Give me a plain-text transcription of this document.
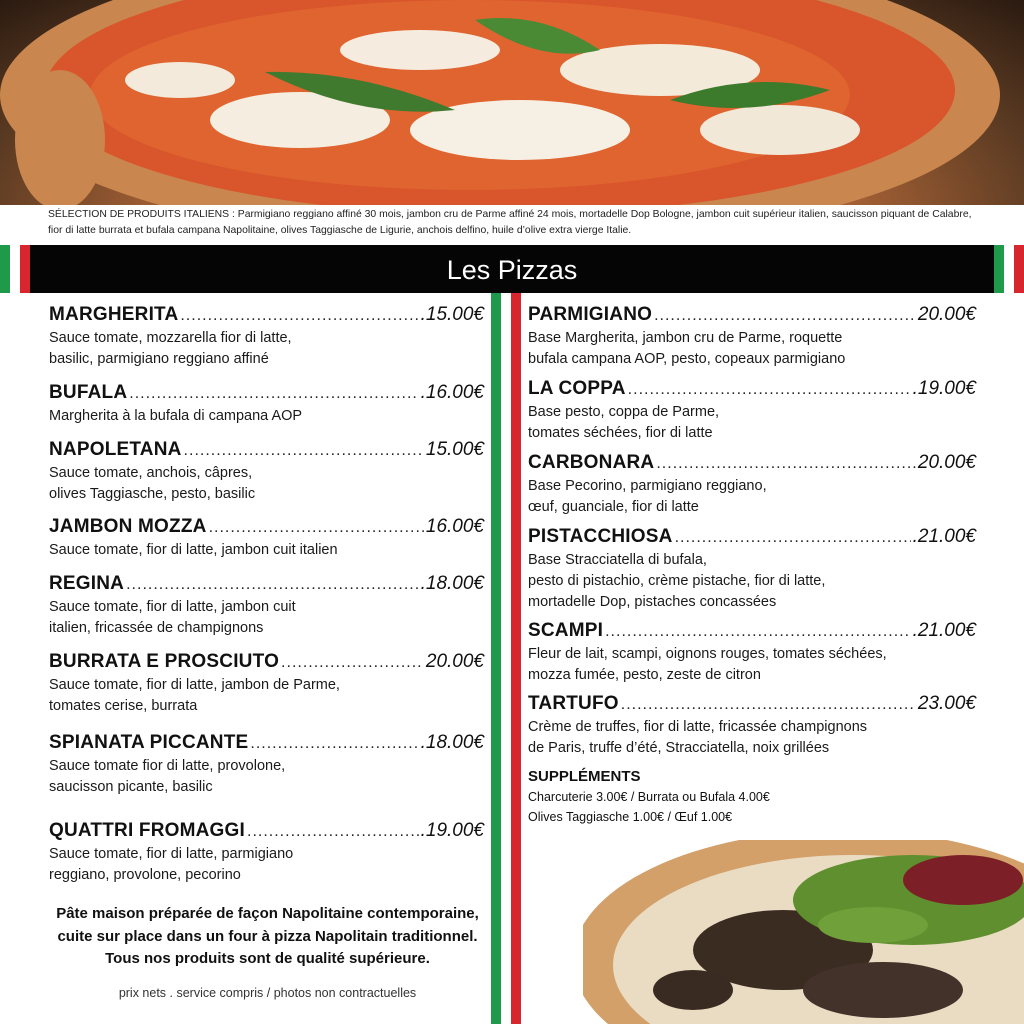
SÉLECTION DE PRODUITS ITALIENS : Parmigiano reggiano affiné 30 mois, jambon cru de Parme affiné 24 mois, mortadelle Dop Bologne, jambon cuit supérieur italien, saucisson piquant de Calabre, fior di latte burrata et bufala campana Napolitaine, olives Taggiasche de Ligurie, anchois delfino, huile d’olive extra vierge Italie.
Les Pizzas
MARGHERITA .....	.15.00€
Sauce tomate, mozzarella fior di latte,
basilic, parmigiano reggiano affiné
BUFALA .....	.16.00€
Margherita à la bufala di campana AOP
NAPOLETANA .....	15.00€
Sauce tomate, anchois, câpres,
olives Taggiasche, pesto, basilic
JAMBON MOZZA .....	16.00€
Sauce tomate, fior di latte, jambon cuit italien
REGINA .....	.18.00€
Sauce tomate, fior di latte, jambon cuit
italien, fricassée de champignons
BURRATA E PROSCIUTO .....	20.00€
Sauce tomate, fior di latte, jambon de Parme,
tomates cerise, burrata
SPIANATA PICCANTE .....	.18.00€
Sauce tomate fior di latte, provolone,
saucisson picante, basilic
QUATTRI FROMAGGI .....	.19.00€
Sauce tomate, fior di latte, parmigiano
reggiano, provolone, pecorino
Pâte maison préparée de façon Napolitaine contemporaine,
cuite sur place dans un four à pizza Napolitain traditionnel.
Tous nos produits sont de qualité supérieure.
prix nets . service compris / photos non contractuelles
PARMIGIANO .....	20.00€
Base Margherita, jambon cru de Parme, roquette
bufala campana AOP, pesto, copeaux parmigiano
LA COPPA .....	.19.00€
Base pesto, coppa de Parme,
tomates séchées, fior di latte
CARBONARA .....	20.00€
Base Pecorino, parmigiano reggiano,
œuf, guanciale, fior di latte
PISTACCHIOSA .....	.21.00€
Base Stracciatella di bufala,
pesto di pistachio, crème pistache, fior di latte,
mortadelle Dop, pistaches concassées
SCAMPI .....	.21.00€
Fleur de lait, scampi, oignons rouges, tomates séchées,
mozza fumée, pesto, zeste de citron
TARTUFO .....	23.00€
Crème de truffes, fior di latte, fricassée champignons
de Paris, truffe d’été, Stracciatella, noix grillées
SUPPLÉMENTS
Charcuterie 3.00€ / Burrata ou Bufala 4.00€
Olives Taggiasche 1.00€ / Œuf 1.00€
